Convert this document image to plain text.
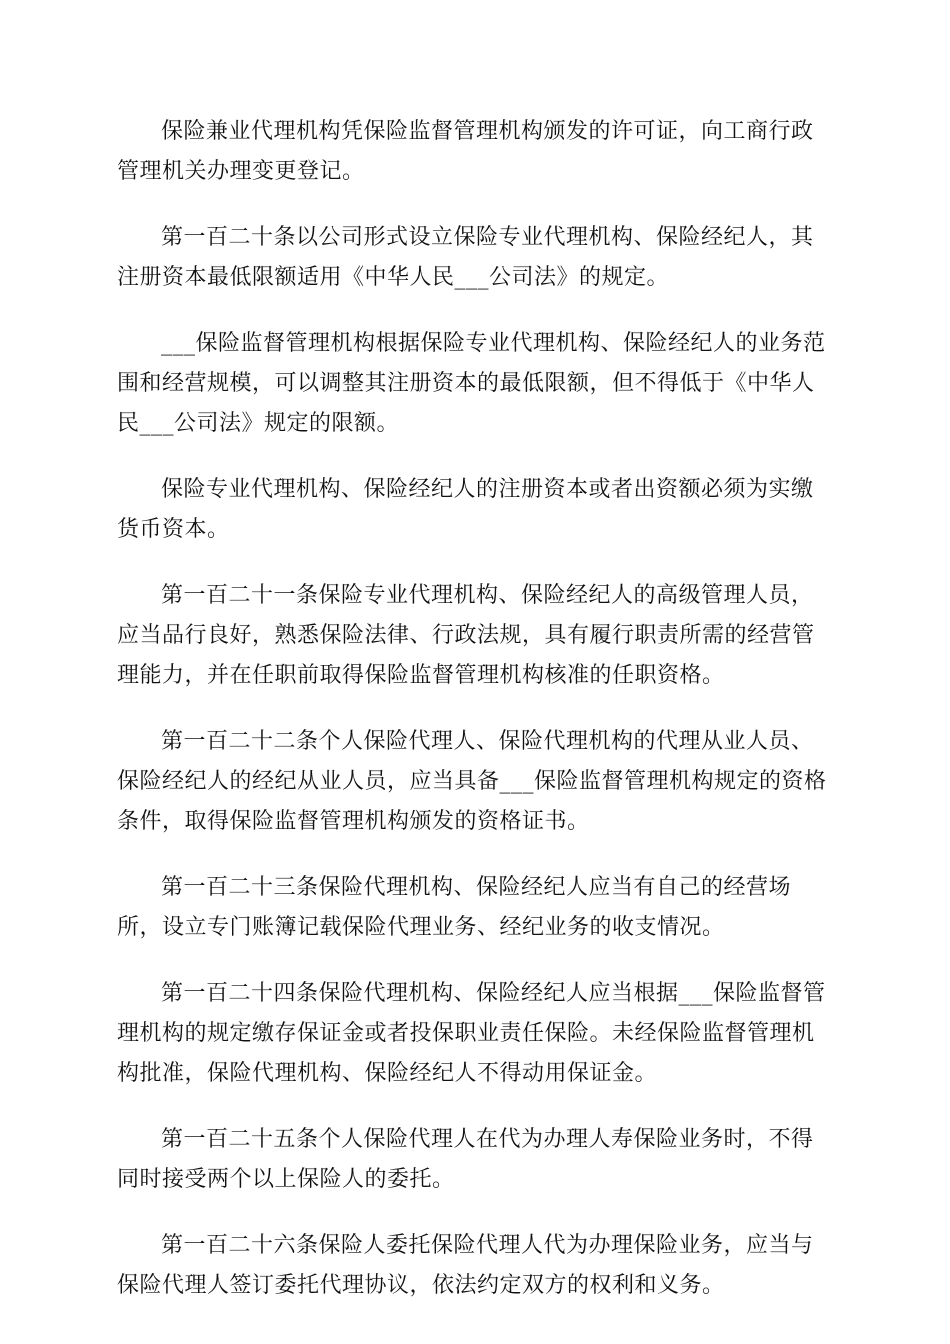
保险兼业代理机构凭保险监督管理机构颁发的许可证，向工商行政管理机关办理变更登记。

第一百二十条以公司形式设立保险专业代理机构、保险经纪人，其注册资本最低限额适用《中华人民___公司法》的规定。

___保险监督管理机构根据保险专业代理机构、保险经纪人的业务范围和经营规模，可以调整其注册资本的最低限额，但不得低于《中华人民___公司法》规定的限额。

保险专业代理机构、保险经纪人的注册资本或者出资额必须为实缴货币资本。

第一百二十一条保险专业代理机构、保险经纪人的高级管理人员，应当品行良好，熟悉保险法律、行政法规，具有履行职责所需的经营管理能力，并在任职前取得保险监督管理机构核准的任职资格。

第一百二十二条个人保险代理人、保险代理机构的代理从业人员、保险经纪人的经纪从业人员，应当具备___保险监督管理机构规定的资格条件，取得保险监督管理机构颁发的资格证书。

第一百二十三条保险代理机构、保险经纪人应当有自己的经营场所，设立专门账簿记载保险代理业务、经纪业务的收支情况。

第一百二十四条保险代理机构、保险经纪人应当根据___保险监督管理机构的规定缴存保证金或者投保职业责任保险。未经保险监督管理机构批准，保险代理机构、保险经纪人不得动用保证金。

第一百二十五条个人保险代理人在代为办理人寿保险业务时，不得同时接受两个以上保险人的委托。

第一百二十六条保险人委托保险代理人代为办理保险业务，应当与保险代理人签订委托代理协议，依法约定双方的权利和义务。
